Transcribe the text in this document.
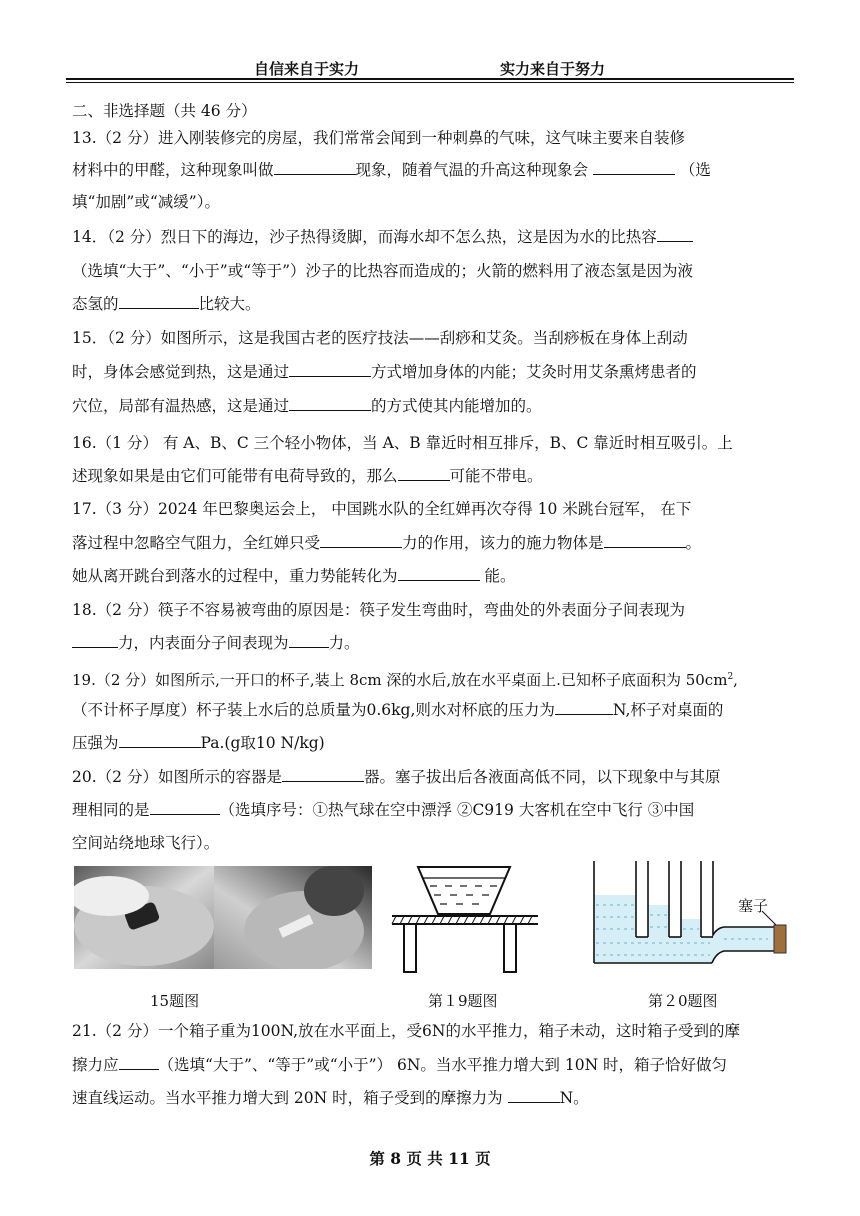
自信来自于实力	实力来自于努力
二、非选择题（共 46 分）
13.（2 分）进入刚装修完的房屋，我们常常会闻到一种刺鼻的气味，这气味主要来自装修
材料中的甲醛，这种现象叫做	现象，随着气温的升高这种现象会	（选
填“加剧”或“减缓”）。
14．（2 分）烈日下的海边，沙子热得烫脚，而海水却不怎么热，这是因为水的比热容
（选填“大于”、“小于”或“等于”）沙子的比热容而造成的；火箭的燃料用了液态氢是因为液
态氢的	比较大。
15．（2 分）如图所示，这是我国古老的医疗技法——刮痧和艾灸。当刮痧板在身体上刮动
时，身体会感觉到热，这是通过	方式增加身体的内能；艾灸时用艾条熏烤患者的
穴位，局部有温热感，这是通过	的方式使其内能增加的。
16.（1 分） 有 A、B、C 三个轻小物体，当 A、B 靠近时相互排斥，B、C 靠近时相互吸引。上
述现象如果是由它们可能带有电荷导致的，那么	可能不带电。
17.（3 分）2024 年巴黎奥运会上， 中国跳水队的全红婵再次夺得 10 米跳台冠军， 在下
落过程中忽略空气阻力，全红婵只受	力的作用，该力的施力物体是	。
她从离开跳台到落水的过程中，重力势能转化为	能。
18.（2 分）筷子不容易被弯曲的原因是：筷子发生弯曲时，弯曲处的外表面分子间表现为
力，内表面分子间表现为	力。
19.（2 分）如图所示,一开口的杯子,装上 8cm 深的水后,放在水平桌面上.已知杯子底面积为 $50cm^2$,
（不计杯子厚度）杯子装上水后的总质量为0.6kg,则水对杯底的压力为	N,杯子对桌面的
压强为	Pa.(g取10 N/kg)
20.（2 分）如图所示的容器是	器。塞子拔出后各液面高低不同，以下现象中与其原
理相同的是	（选填序号：①热气球在空中漂浮 ②C919 大客机在空中飞行 ③中国
空间站绕地球飞行）。
15题图	第１9题图
塞子
第２0题图
21.（2 分）一个箱子重为100N,放在水平面上，受6N的水平推力，箱子未动，这时箱子受到的摩
擦力应	（选填“大于”、“等于”或“小于”） 6N。当水平推力增大到 10N 时，箱子恰好做匀
速直线运动。当水平推力增大到 20N 时，箱子受到的摩擦力为	N。
第 8 页 共 11 页
